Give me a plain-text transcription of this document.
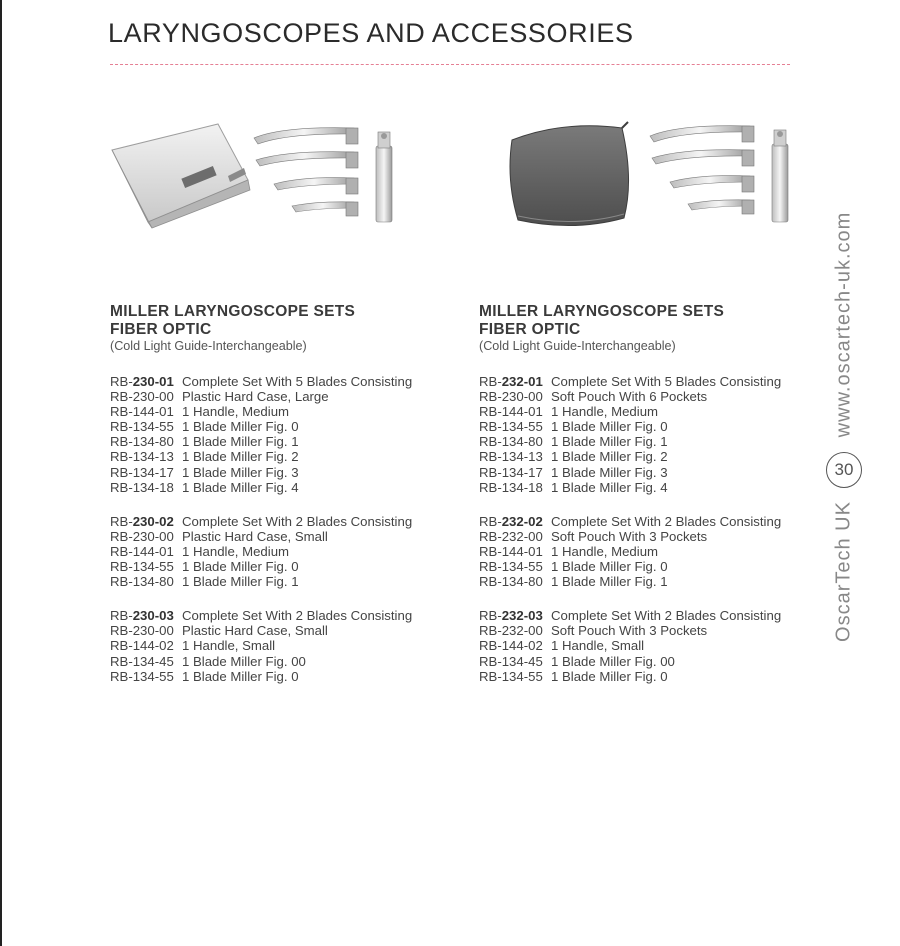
LARYNGOSCOPES AND ACCESSORIES
MILLER LARYNGOSCOPE SETS
FIBER OPTIC
(Cold Light Guide-Interchangeable)
RB-230-01 Complete Set With 5 Blades Consisting
RB-230-00 Plastic Hard Case, Large
RB-144-01 1 Handle, Medium
RB-134-55 1 Blade Miller Fig. 0
RB-134-80 1 Blade Miller Fig. 1
RB-134-13 1 Blade Miller Fig. 2
RB-134-17 1 Blade Miller Fig. 3
RB-134-18 1 Blade Miller Fig. 4
RB-230-02 Complete Set With 2 Blades Consisting
RB-230-00 Plastic Hard Case, Small
RB-144-01 1 Handle, Medium
RB-134-55 1 Blade Miller Fig. 0
RB-134-80 1 Blade Miller Fig. 1
RB-230-03 Complete Set With 2 Blades Consisting
RB-230-00 Plastic Hard Case, Small
RB-144-02 1 Handle, Small
RB-134-45 1 Blade Miller Fig. 00
RB-134-55 1 Blade Miller Fig. 0
MILLER LARYNGOSCOPE SETS
FIBER OPTIC
(Cold Light Guide-Interchangeable)
RB-232-01 Complete Set With 5 Blades Consisting
RB-230-00 Soft Pouch With 6 Pockets
RB-144-01 1 Handle, Medium
RB-134-55 1 Blade Miller Fig. 0
RB-134-80 1 Blade Miller Fig. 1
RB-134-13 1 Blade Miller Fig. 2
RB-134-17 1 Blade Miller Fig. 3
RB-134-18 1 Blade Miller Fig. 4
RB-232-02 Complete Set With 2 Blades Consisting
RB-232-00 Soft Pouch With 3 Pockets
RB-144-01 1 Handle, Medium
RB-134-55 1 Blade Miller Fig. 0
RB-134-80 1 Blade Miller Fig. 1
RB-232-03 Complete Set With 2 Blades Consisting
RB-232-00 Soft Pouch With 3 Pockets
RB-144-02 1 Handle, Small
RB-134-45 1 Blade Miller Fig. 00
RB-134-55 1 Blade Miller Fig. 0
www.oscartech-uk.com
30
OscarTech UK
